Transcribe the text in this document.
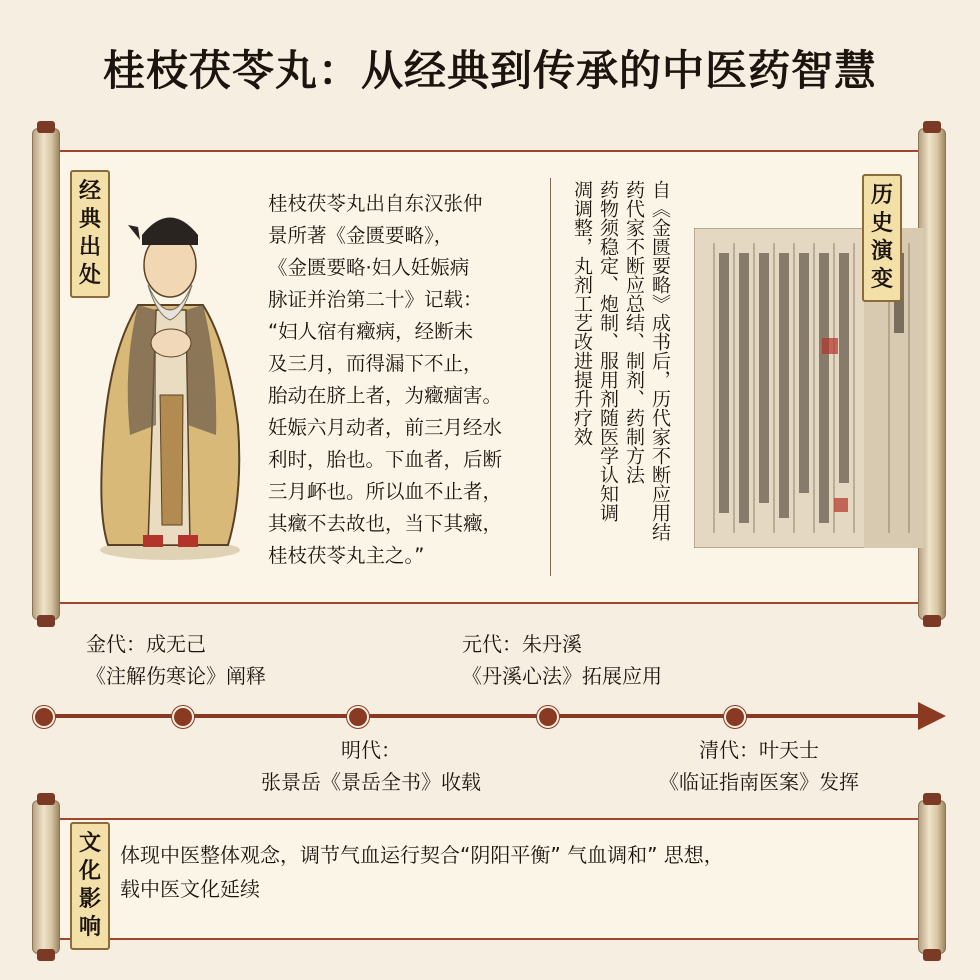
桂枝茯苓丸：从经典到传承的中医药智慧
经典出处
桂枝茯苓丸出自东汉张仲
景所著《金匮要略》，
《金匮要略·妇人妊娠病
脉证并治第二十》记载：
“妇人宿有癥病，经断未
及三月，而得漏下不止，
胎动在脐上者，为癥痼害。
妊娠六月动者，前三月经水
利时，胎也。下血者，后断
三月衃也。所以血不止者，
其癥不去故也，当下其癥，
桂枝茯苓丸主之。”
自《金匮要略》成书后，历代家不断应用结
药代家不断应总结、制剂、药制方法
药物须稳定、炮制、服用剂随医学认知调
凋调整，丸剂工艺改进提升疗效	历史演变
金代：成无己
《注解伤寒论》阐释
元代：朱丹溪
《丹溪心法》拓展应用
明代：
张景岳《景岳全书》收载
清代：叶天士
《临证指南医案》发挥
文化影响
体现中医整体观念，调节气血运行契合“阴阳平衡” 气血调和” 思想，
载中医文化延续
